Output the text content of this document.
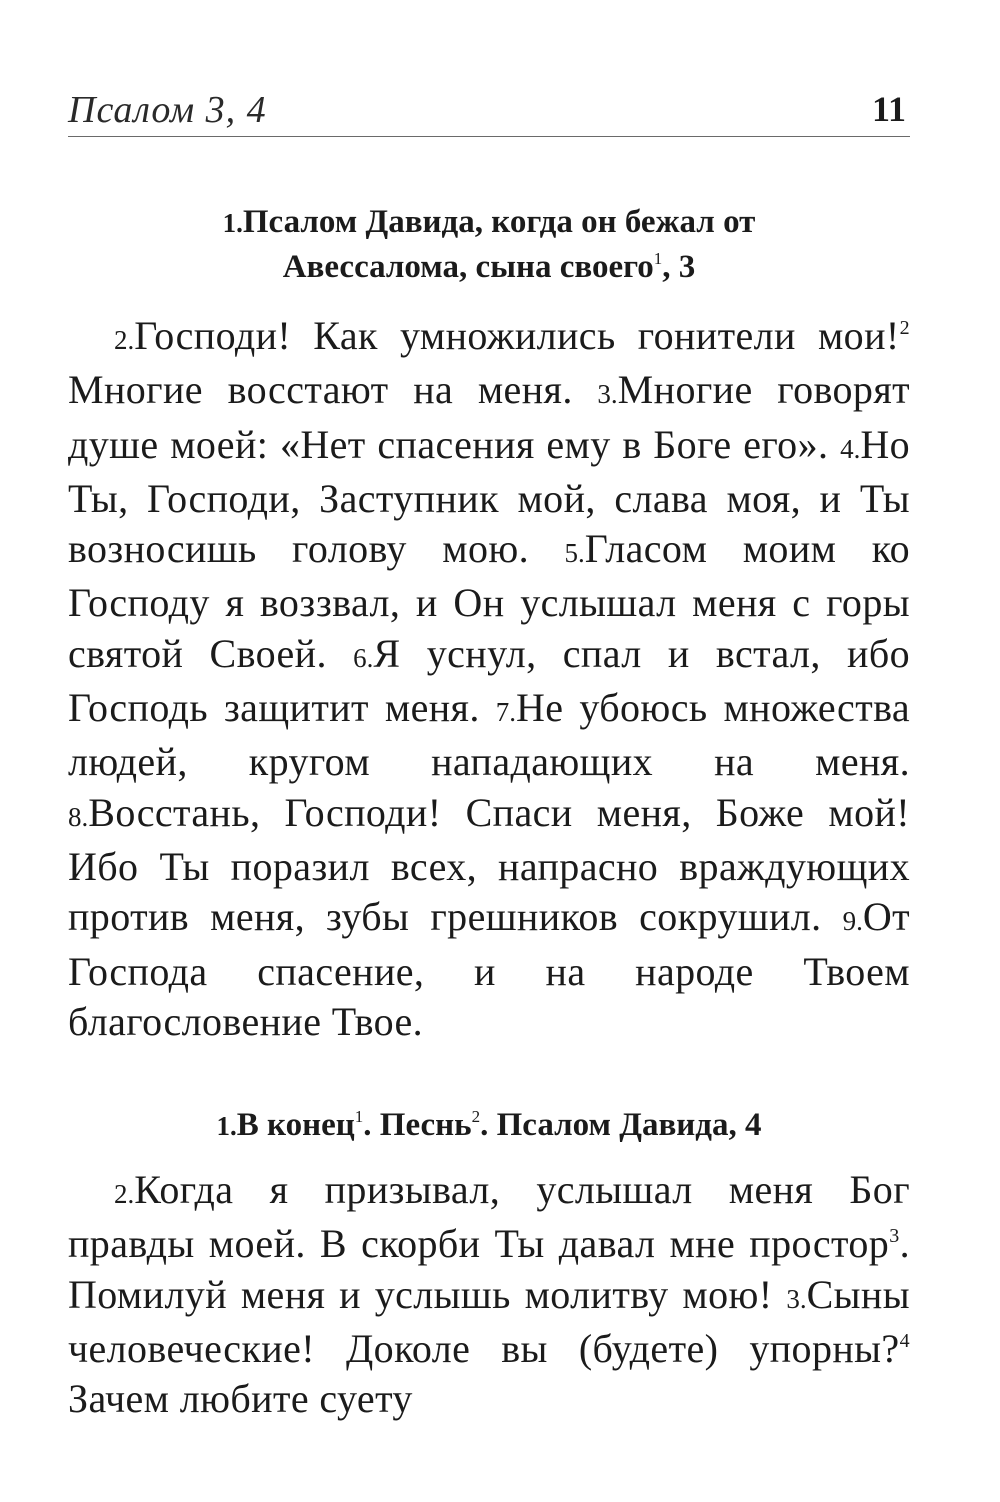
Псалом 3, 4	11
1.Псалом Давида, когда он бежал от
Авессалома, сына своего$^1$, 3

2.Господи! Как умножились гонители мои!$^2$ Многие восстают на меня. 3.Многие говорят душе моей: «Нет спасения ему в Боге его». 4.Но Ты, Господи, Заступник мой, слава моя, и Ты возносишь голову мою. 5.Гласом моим ко Господу я воззвал, и Он услышал меня с горы святой Своей. 6.Я уснул, спал и встал, ибо Господь защитит меня. 7.Не убоюсь множества людей, кругом нападающих на меня. 8.Восстань, Господи! Спаси меня, Боже мой! Ибо Ты поразил всех, напрасно враждующих против меня, зубы грешников сокрушил. 9.От Господа спасение, и на народе Твоем благословение Твое.

1.В конец$^1$. Песнь$^2$. Псалом Давида, 4

2.Когда я призывал, услышал меня Бог правды моей. В скорби Ты давал мне простор$^3$. Помилуй меня и услышь молитву мою! 3.Сыны человеческие! Доколе вы (будете) упорны?$^4$ Зачем любите суету
